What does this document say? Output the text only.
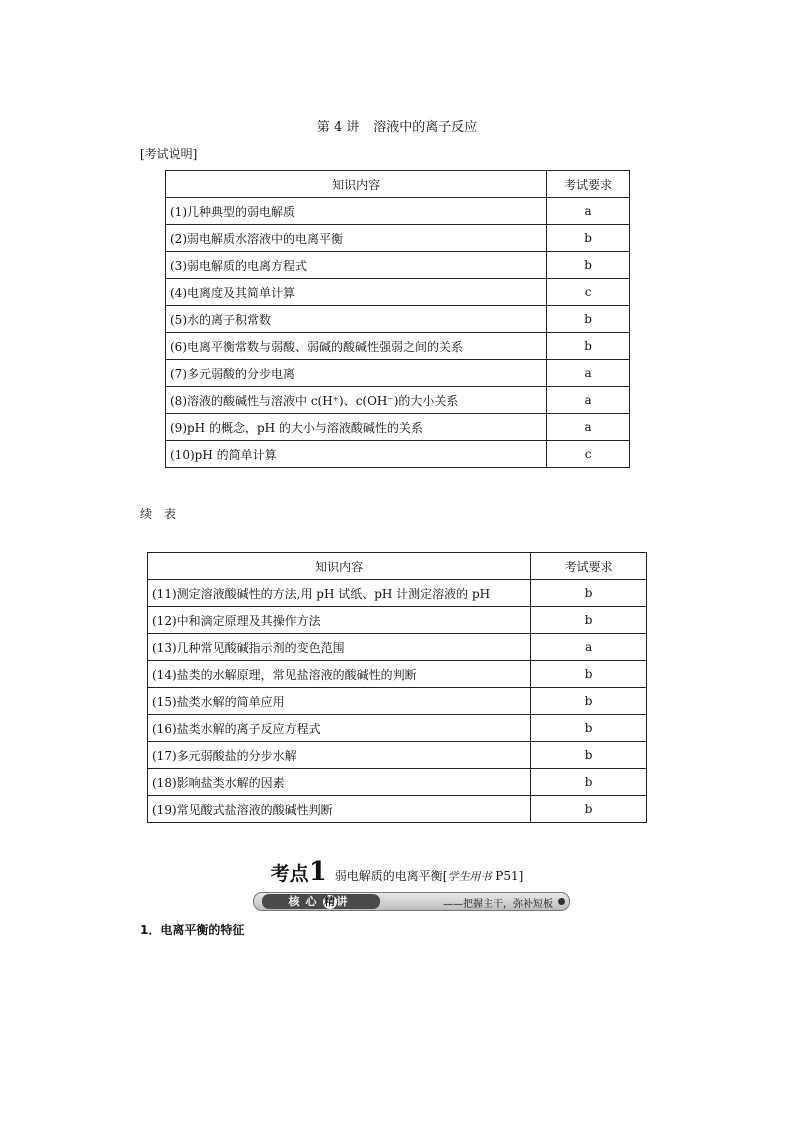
第 4 讲 溶液中的离子反应
[考试说明]
知识内容	考试要求
(1)几种典型的弱电解质	a
(2)弱电解质水溶液中的电离平衡	b
(3)弱电解质的电离方程式	b
(4)电离度及其简单计算	c
(5)水的离子积常数	b
(6)电离平衡常数与弱酸、弱碱的酸碱性强弱之间的关系	b
(7)多元弱酸的分步电离	a
(8)溶液的酸碱性与溶液中 c(H⁺)、c(OH⁻)的大小关系	a
(9)pH 的概念，pH 的大小与溶液酸碱性的关系	a
(10)pH 的简单计算	c
续 表
知识内容	考试要求
(11)测定溶液酸碱性的方法,用 pH 试纸、pH 计测定溶液的 pH	b
(12)中和滴定原理及其操作方法	b
(13)几种常见酸碱指示剂的变色范围	a
(14)盐类的水解原理，常见盐溶液的酸碱性的判断	b
(15)盐类水解的简单应用	b
(16)盐类水解的离子反应方程式	b
(17)多元弱酸盐的分步水解	b
(18)影响盐类水解的因素	b
(19)常见酸式盐溶液的酸碱性判断	b
考点1 弱电解质的电离平衡[学生用书 P51]
核心 精 讲	——把握主干，弥补短板
1．电离平衡的特征
